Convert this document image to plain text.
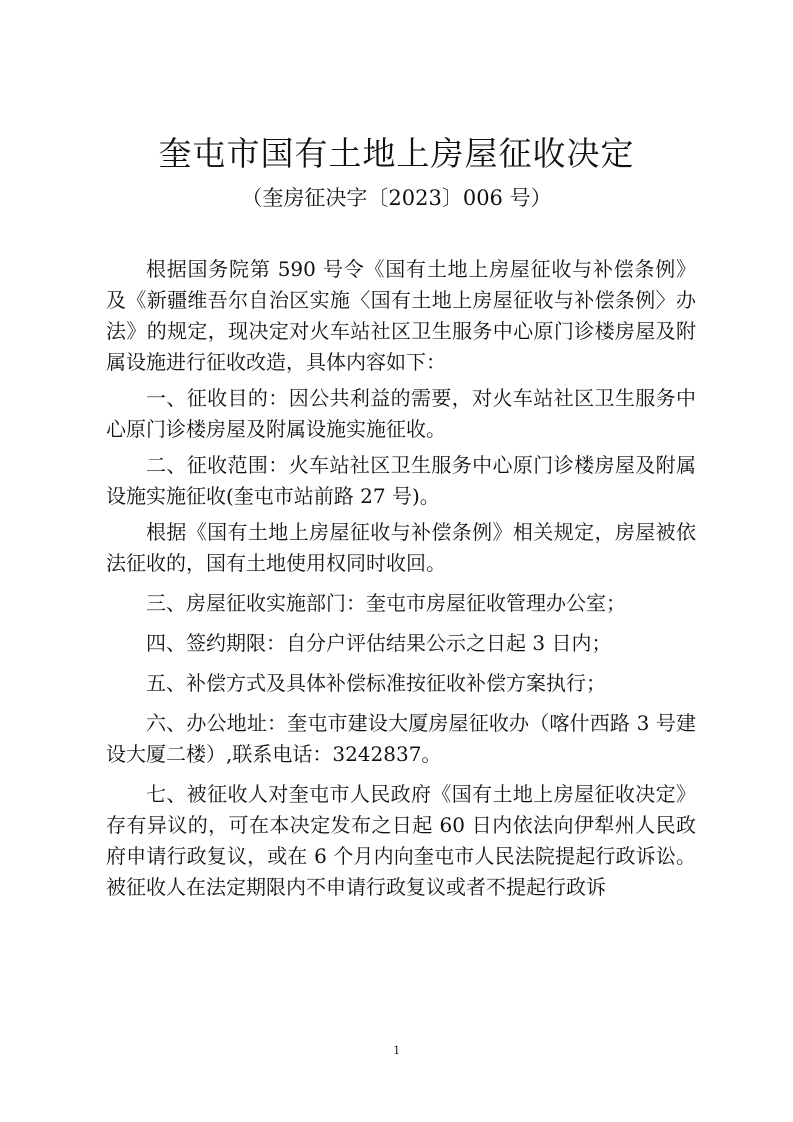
奎屯市国有土地上房屋征收决定
（奎房征决字〔2023〕006 号）

根据国务院第 590 号令《国有土地上房屋征收与补偿条例》及《新疆维吾尔自治区实施〈国有土地上房屋征收与补偿条例〉办法》的规定，现决定对火车站社区卫生服务中心原门诊楼房屋及附属设施进行征收改造，具体内容如下：

一、征收目的：因公共利益的需要，对火车站社区卫生服务中心原门诊楼房屋及附属设施实施征收。

二、征收范围：火车站社区卫生服务中心原门诊楼房屋及附属设施实施征收(奎屯市站前路 27 号)。

根据《国有土地上房屋征收与补偿条例》相关规定，房屋被依法征收的，国有土地使用权同时收回。

三、房屋征收实施部门：奎屯市房屋征收管理办公室；

四、签约期限：自分户评估结果公示之日起 3 日内；

五、补偿方式及具体补偿标准按征收补偿方案执行；

六、办公地址：奎屯市建设大厦房屋征收办（喀什西路 3 号建设大厦二楼）,联系电话：3242837。

七、被征收人对奎屯市人民政府《国有土地上房屋征收决定》存有异议的，可在本决定发布之日起 60 日内依法向伊犁州人民政府申请行政复议，或在 6 个月内向奎屯市人民法院提起行政诉讼。被征收人在法定期限内不申请行政复议或者不提起行政诉

1
